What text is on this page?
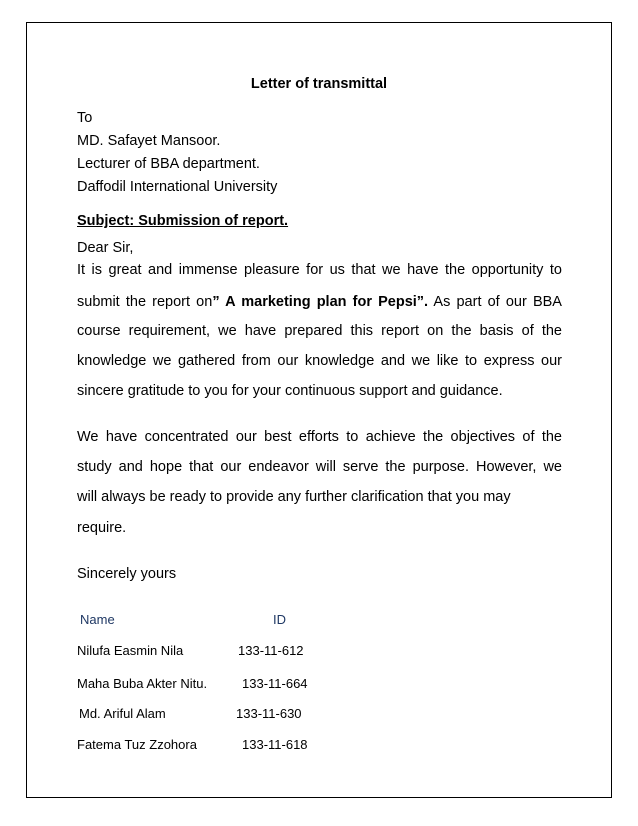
Letter of transmittal
To
MD. Safayet Mansoor.
Lecturer of BBA department.
Daffodil International University
Subject: Submission of report.
Dear Sir,
It is great and immense pleasure for us that we have the opportunity to
submit the report on” A marketing plan for Pepsi”. As part of our BBA
course requirement, we have prepared this report on the basis of the
knowledge we gathered from our knowledge and we like to express our
sincere gratitude to you for your continuous support and guidance.
We have concentrated our best efforts to achieve the objectives of the
study and hope that our endeavor will serve the purpose. However, we
will always be ready to provide any further clarification that you may
require.
Sincerely yours
Name	ID
Nilufa Easmin Nila	133-11-612
Maha Buba Akter Nitu.	133-11-664
Md. Ariful Alam	133-11-630
Fatema Tuz Zzohora	133-11-618
